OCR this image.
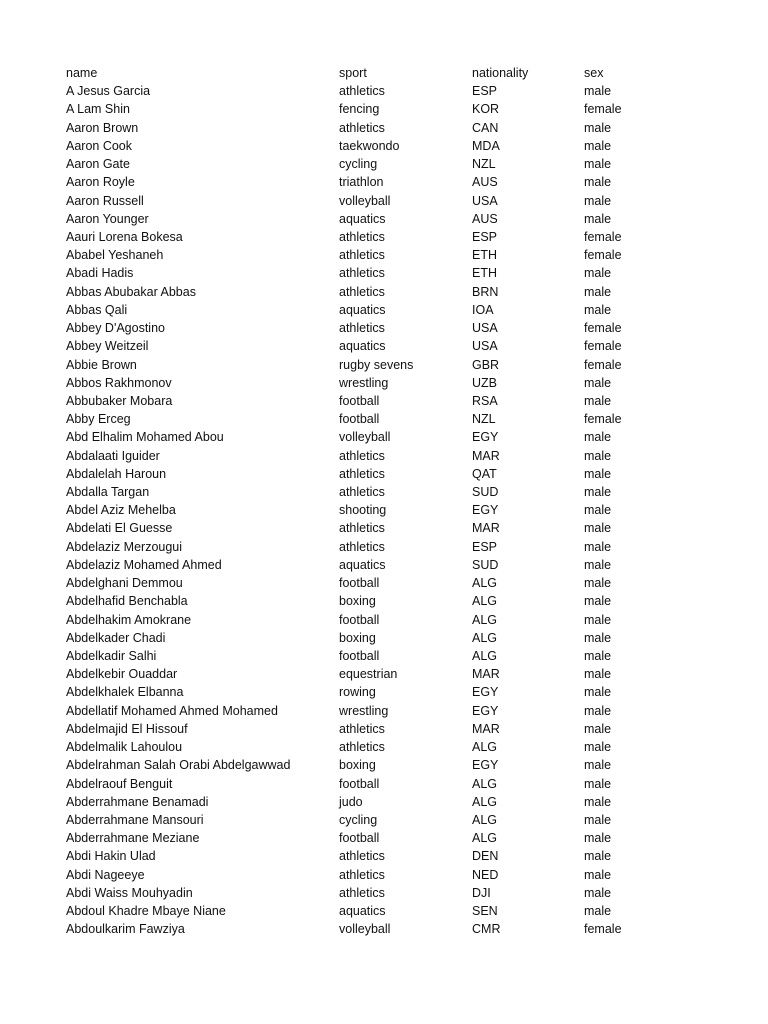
name	sport	nationality	sex
A Jesus Garcia	athletics	ESP	male
A Lam Shin	fencing	KOR	female
Aaron Brown	athletics	CAN	male
Aaron Cook	taekwondo	MDA	male
Aaron Gate	cycling	NZL	male
Aaron Royle	triathlon	AUS	male
Aaron Russell	volleyball	USA	male
Aaron Younger	aquatics	AUS	male
Aauri Lorena Bokesa	athletics	ESP	female
Ababel Yeshaneh	athletics	ETH	female
Abadi Hadis	athletics	ETH	male
Abbas Abubakar Abbas	athletics	BRN	male
Abbas Qali	aquatics	IOA	male
Abbey D'Agostino	athletics	USA	female
Abbey Weitzeil	aquatics	USA	female
Abbie Brown	rugby sevens	GBR	female
Abbos Rakhmonov	wrestling	UZB	male
Abbubaker Mobara	football	RSA	male
Abby Erceg	football	NZL	female
Abd Elhalim Mohamed Abou	volleyball	EGY	male
Abdalaati Iguider	athletics	MAR	male
Abdalelah Haroun	athletics	QAT	male
Abdalla Targan	athletics	SUD	male
Abdel Aziz Mehelba	shooting	EGY	male
Abdelati El Guesse	athletics	MAR	male
Abdelaziz Merzougui	athletics	ESP	male
Abdelaziz Mohamed Ahmed	aquatics	SUD	male
Abdelghani Demmou	football	ALG	male
Abdelhafid Benchabla	boxing	ALG	male
Abdelhakim Amokrane	football	ALG	male
Abdelkader Chadi	boxing	ALG	male
Abdelkadir Salhi	football	ALG	male
Abdelkebir Ouaddar	equestrian	MAR	male
Abdelkhalek Elbanna	rowing	EGY	male
Abdellatif Mohamed Ahmed Mohamed	wrestling	EGY	male
Abdelmajid El Hissouf	athletics	MAR	male
Abdelmalik Lahoulou	athletics	ALG	male
Abdelrahman Salah Orabi Abdelgawwad	boxing	EGY	male
Abdelraouf Benguit	football	ALG	male
Abderrahmane Benamadi	judo	ALG	male
Abderrahmane Mansouri	cycling	ALG	male
Abderrahmane Meziane	football	ALG	male
Abdi Hakin Ulad	athletics	DEN	male
Abdi Nageeye	athletics	NED	male
Abdi Waiss Mouhyadin	athletics	DJI	male
Abdoul Khadre Mbaye Niane	aquatics	SEN	male
Abdoulkarim Fawziya	volleyball	CMR	female
